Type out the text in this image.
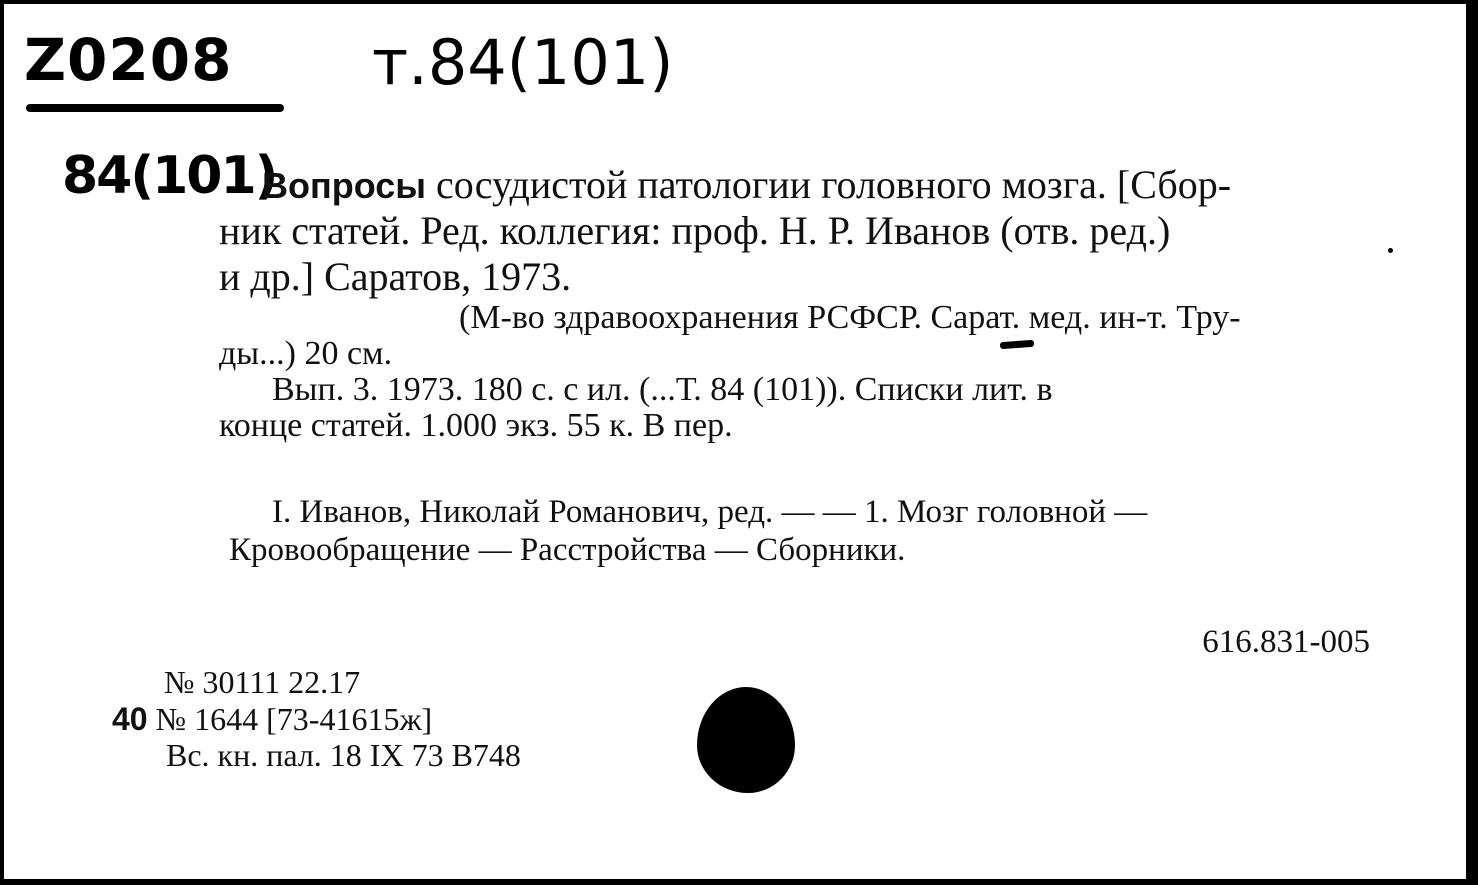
Z0208 т.84(101)
84(101)
Вопросы сосудистой патологии головного мозга. [Сбор-
ник статей. Ред. коллегия: проф. Н. Р. Иванов (отв. ред.)
и др.] Саратов, 1973.
(М-во здравоохранения РСФСР. Сарат. мед. ин-т. Тру-
ды...) 20 см.
Вып. 3. 1973. 180 с. с ил. (...Т. 84 (101)). Списки лит. в
конце статей. 1.000 экз. 55 к. В пер.
I. Иванов, Николай Романович, ред. — — 1. Мозг головной —
Кровообращение — Расстройства — Сборники.
616.831-005
№ 30111 22.17
40 № 1644 [73-41615ж]
Вс. кн. пал. 18 IX 73 В748
